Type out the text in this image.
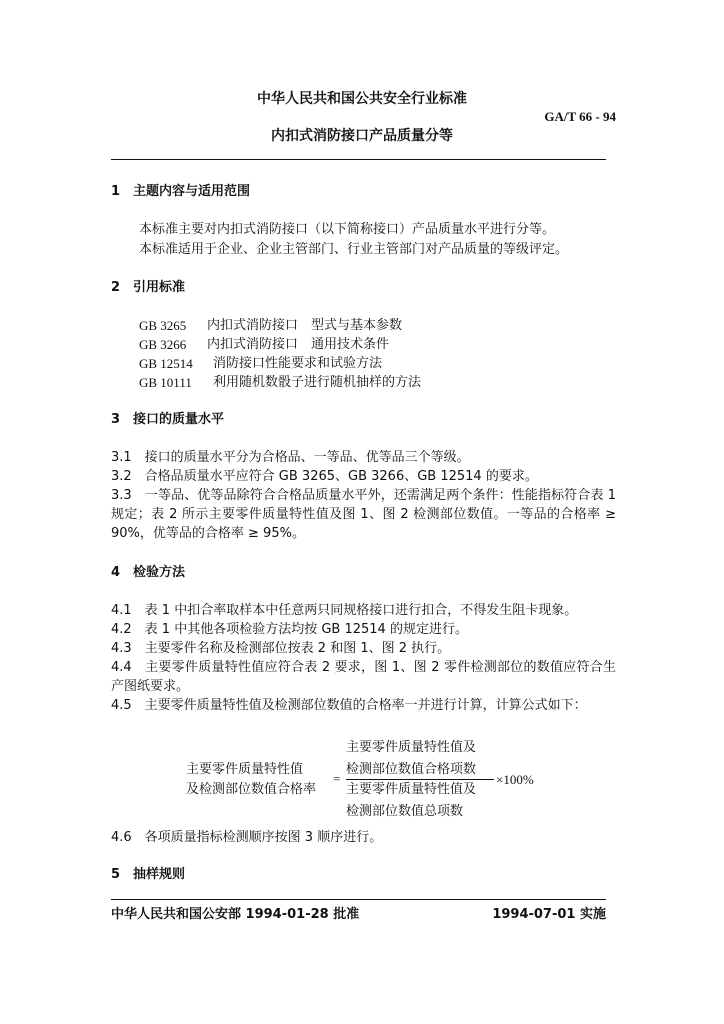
中华人民共和国公共安全行业标准
GA/T 66 - 94
内扣式消防接口产品质量分等
1　主题内容与适用范围
本标准主要对内扣式消防接口（以下简称接口）产品质量水平进行分等。
本标准适用于企业、企业主管部门、行业主管部门对产品质量的等级评定。
2　引用标准
GB 3265 内扣式消防接口　型式与基本参数
GB 3266 内扣式消防接口　通用技术条件
GB 12514 消防接口性能要求和试验方法
GB 10111 利用随机数骰子进行随机抽样的方法
3　接口的质量水平
3.1　接口的质量水平分为合格品、一等品、优等品三个等级。
3.2　合格品质量水平应符合 GB 3265、GB 3266、GB 12514 的要求。
3.3　一等品、优等品除符合合格品质量水平外，还需满足两个条件：性能指标符合表 1 规定；表 2 所示主要零件质量特性值及图 1、图 2 检测部位数值。一等品的合格率 ≥ 90%，优等品的合格率 ≥ 95%。
4　检验方法
4.1　表 1 中扣合率取样本中任意两只同规格接口进行扣合，不得发生阻卡现象。
4.2　表 1 中其他各项检验方法均按 GB 12514 的规定进行。
4.3　主要零件名称及检测部位按表 2 和图 1、图 2 执行。
4.4　主要零件质量特性值应符合表 2 要求，图 1、图 2 零件检测部位的数值应符合生产图纸要求。
4.5　主要零件质量特性值及检测部位数值的合格率一并进行计算，计算公式如下：
主要零件质量特性值及
主要零件质量特性值	检测部位数值合格项数
=	×100%
及检测部位数值合格率 主要零件质量特性值及
检测部位数值总项数
4.6　各项质量指标检测顺序按图 3 顺序进行。
5　抽样规则
中华人民共和国公安部 1994-01-28 批准	1994-07-01 实施
